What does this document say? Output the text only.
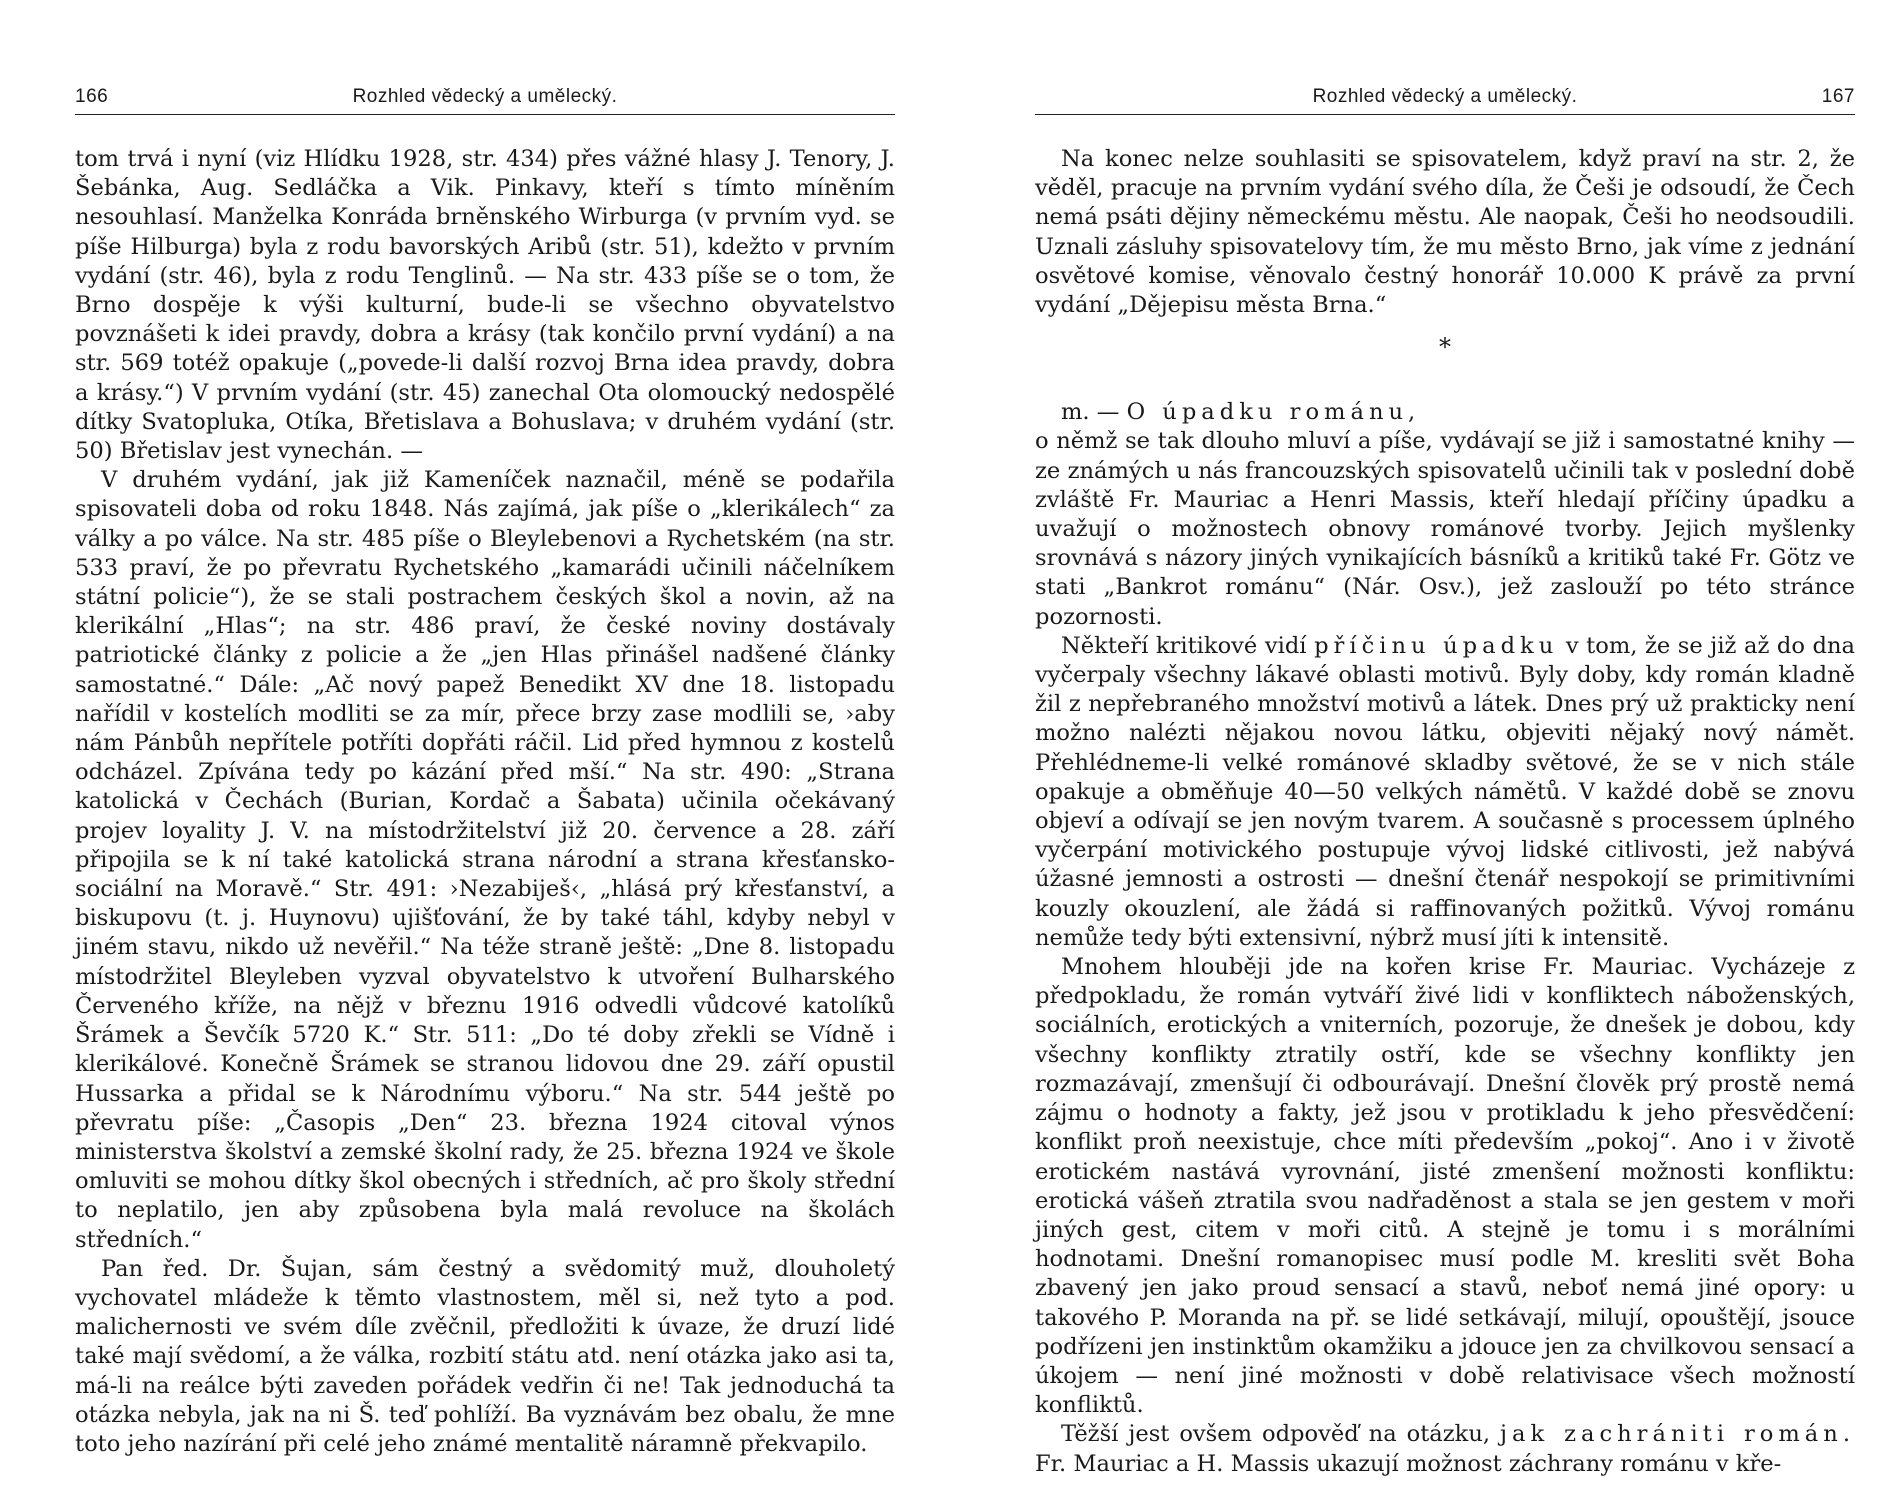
166	Rozhled vědecký a umělecký.

tom trvá i nyní (viz Hlídku 1928, str. 434) přes vážné hlasy J. Tenory, J. Šebánka, Aug. Sedláčka a Vik. Pinkavy, kteří s tímto míněním nesouhlasí. Manželka Konráda brněnského Wirburga (v prvním vyd. se píše Hilburga) byla z rodu bavorských Aribů (str. 51), kdežto v prvním vydání (str. 46), byla z rodu Tenglinů. — Na str. 433 píše se o tom, že Brno dospěje k výši kulturní, bude-li se všechno obyvatelstvo povznášeti k idei pravdy, dobra a krásy (tak končilo první vydání) a na str. 569 totéž opakuje („povede-li další rozvoj Brna idea pravdy, dobra a krásy.“) V prvním vydání (str. 45) zanechal Ota olomoucký nedospělé dítky Svatopluka, Otíka, Břetislava a Bohuslava; v druhém vydání (str. 50) Břetislav jest vynechán. —

V druhém vydání, jak již Kameníček naznačil, méně se podařila spisovateli doba od roku 1848. Nás zajímá, jak píše o „klerikálech“ za války a po válce. Na str. 485 píše o Bleylebenovi a Rychetském (na str. 533 praví, že po převratu Rychetského „kamarádi učinili náčelníkem státní policie“), že se stali postrachem českých škol a novin, až na klerikální „Hlas“; na str. 486 praví, že české noviny dostávaly patriotické články z policie a že „jen Hlas přinášel nadšené články samostatné.“ Dále: „Ač nový papež Benedikt XV dne 18. listopadu nařídil v kostelích modliti se za mír, přece brzy zase modlili se, ›aby nám Pánbůh nepřítele potříti dopřáti ráčil. Lid před hymnou z kostelů odcházel. Zpívána tedy po kázání před mší.“ Na str. 490: „Strana katolická v Čechách (Burian, Kordač a Šabata) učinila očekávaný projev loyality J. V. na místodržitelství již 20. července a 28. září připojila se k ní také katolická strana národní a strana křesťansko-sociální na Moravě.“ Str. 491: ›Nezabiješ‹, „hlásá prý křesťanství, a biskupovu (t. j. Huynovu) ujišťování, že by také táhl, kdyby nebyl v jiném stavu, nikdo už nevěřil.“ Na téže straně ještě: „Dne 8. listopadu místodržitel Bleyleben vyzval obyvatelstvo k utvoření Bulharského Červeného kříže, na nějž v březnu 1916 odvedli vůdcové katolíků Šrámek a Ševčík 5720 K.“ Str. 511: „Do té doby zřekli se Vídně i klerikálové. Konečně Šrámek se stranou lidovou dne 29. září opustil Hussarka a přidal se k Národnímu výboru.“ Na str. 544 ještě po převratu píše: „Časopis „Den“ 23. března 1924 citoval výnos ministerstva školství a zemské školní rady, že 25. března 1924 ve škole omluviti se mohou dítky škol obecných i středních, ač pro školy střední to neplatilo, jen aby způsobena byla malá revoluce na školách středních.“

Pan řed. Dr. Šujan, sám čestný a svědomitý muž, dlouholetý vychovatel mládeže k těmto vlastnostem, měl si, než tyto a pod. malichernosti ve svém díle zvěčnil, předložiti k úvaze, že druzí lidé také mají svědomí, a že válka, rozbití státu atd. není otázka jako asi ta, má-li na reálce býti zaveden pořádek vedřin či ne! Tak jednoduchá ta otázka nebyla, jak na ni Š. teď pohlíží. Ba vyznávám bez obalu, že mne toto jeho nazírání při celé jeho známé mentalitě náramně překvapilo.

Rozhled vědecký a umělecký.	167

Na konec nelze souhlasiti se spisovatelem, když praví na str. 2, že věděl, pracuje na prvním vydání svého díla, že Češi je odsoudí, že Čech nemá psáti dějiny německému městu. Ale naopak, Češi ho neodsoudili. Uznali zásluhy spisovatelovy tím, že mu město Brno, jak víme z jednání osvětové komise, věnovalo čestný honorář 10.000 K právě za první vydání „Dějepisu města Brna.“

*

m. — O úpadku románu,
o němž se tak dlouho mluví a píše, vydávají se již i samostatné knihy — ze známých u nás francouzských spisovatelů učinili tak v poslední době zvláště Fr. Mauriac a Henri Massis, kteří hledají příčiny úpadku a uvažují o možnostech obnovy románové tvorby. Jejich myšlenky srovnává s názory jiných vynikajících básníků a kritiků také Fr. Götz ve stati „Bankrot románu“ (Nár. Osv.), jež zaslouží po této stránce pozornosti.

Někteří kritikové vidí příčinu úpadku v tom, že se již až do dna vyčerpaly všechny lákavé oblasti motivů. Byly doby, kdy román kladně žil z nepřebraného množství motivů a látek. Dnes prý už prakticky není možno nalézti nějakou novou látku, objeviti nějaký nový námět. Přehlédneme-li velké románové skladby světové, že se v nich stále opakuje a obměňuje 40—50 velkých námětů. V každé době se znovu objeví a odívají se jen novým tvarem. A současně s processem úplného vyčerpání motivického postupuje vývoj lidské citlivosti, jež nabývá úžasné jemnosti a ostrosti — dnešní čtenář nespokojí se primitivními kouzly okouzlení, ale žádá si raffinovaných požitků. Vývoj románu nemůže tedy býti extensivní, nýbrž musí jíti k intensitě.

Mnohem hlouběji jde na kořen krise Fr. Mauriac. Vycházeje z předpokladu, že román vytváří živé lidi v konfliktech náboženských, sociálních, erotických a vniterních, pozoruje, že dnešek je dobou, kdy všechny konflikty ztratily ostří, kde se všechny konflikty jen rozmazávají, zmenšují či odbourávají. Dnešní člověk prý prostě nemá zájmu o hodnoty a fakty, jež jsou v protikladu k jeho přesvědčení: konflikt proň neexistuje, chce míti především „pokoj“. Ano i v životě erotickém nastává vyrovnání, jisté zmenšení možnosti konfliktu: erotická vášeň ztratila svou nadřaděnost a stala se jen gestem v moři jiných gest, citem v moři citů. A stejně je tomu i s morálními hodnotami. Dnešní romanopisec musí podle M. kresliti svět Boha zbavený jen jako proud sensací a stavů, neboť nemá jiné opory: u takového P. Moranda na př. se lidé setkávají, milují, opouštějí, jsouce podřízeni jen instinktům okamžiku a jdouce jen za chvilkovou sensací a úkojem — není jiné možnosti v době relativisace všech možností konfliktů.

Těžší jest ovšem odpověď na otázku, jak zachrániti román. Fr. Mauriac a H. Massis ukazují možnost záchrany románu v kře-
